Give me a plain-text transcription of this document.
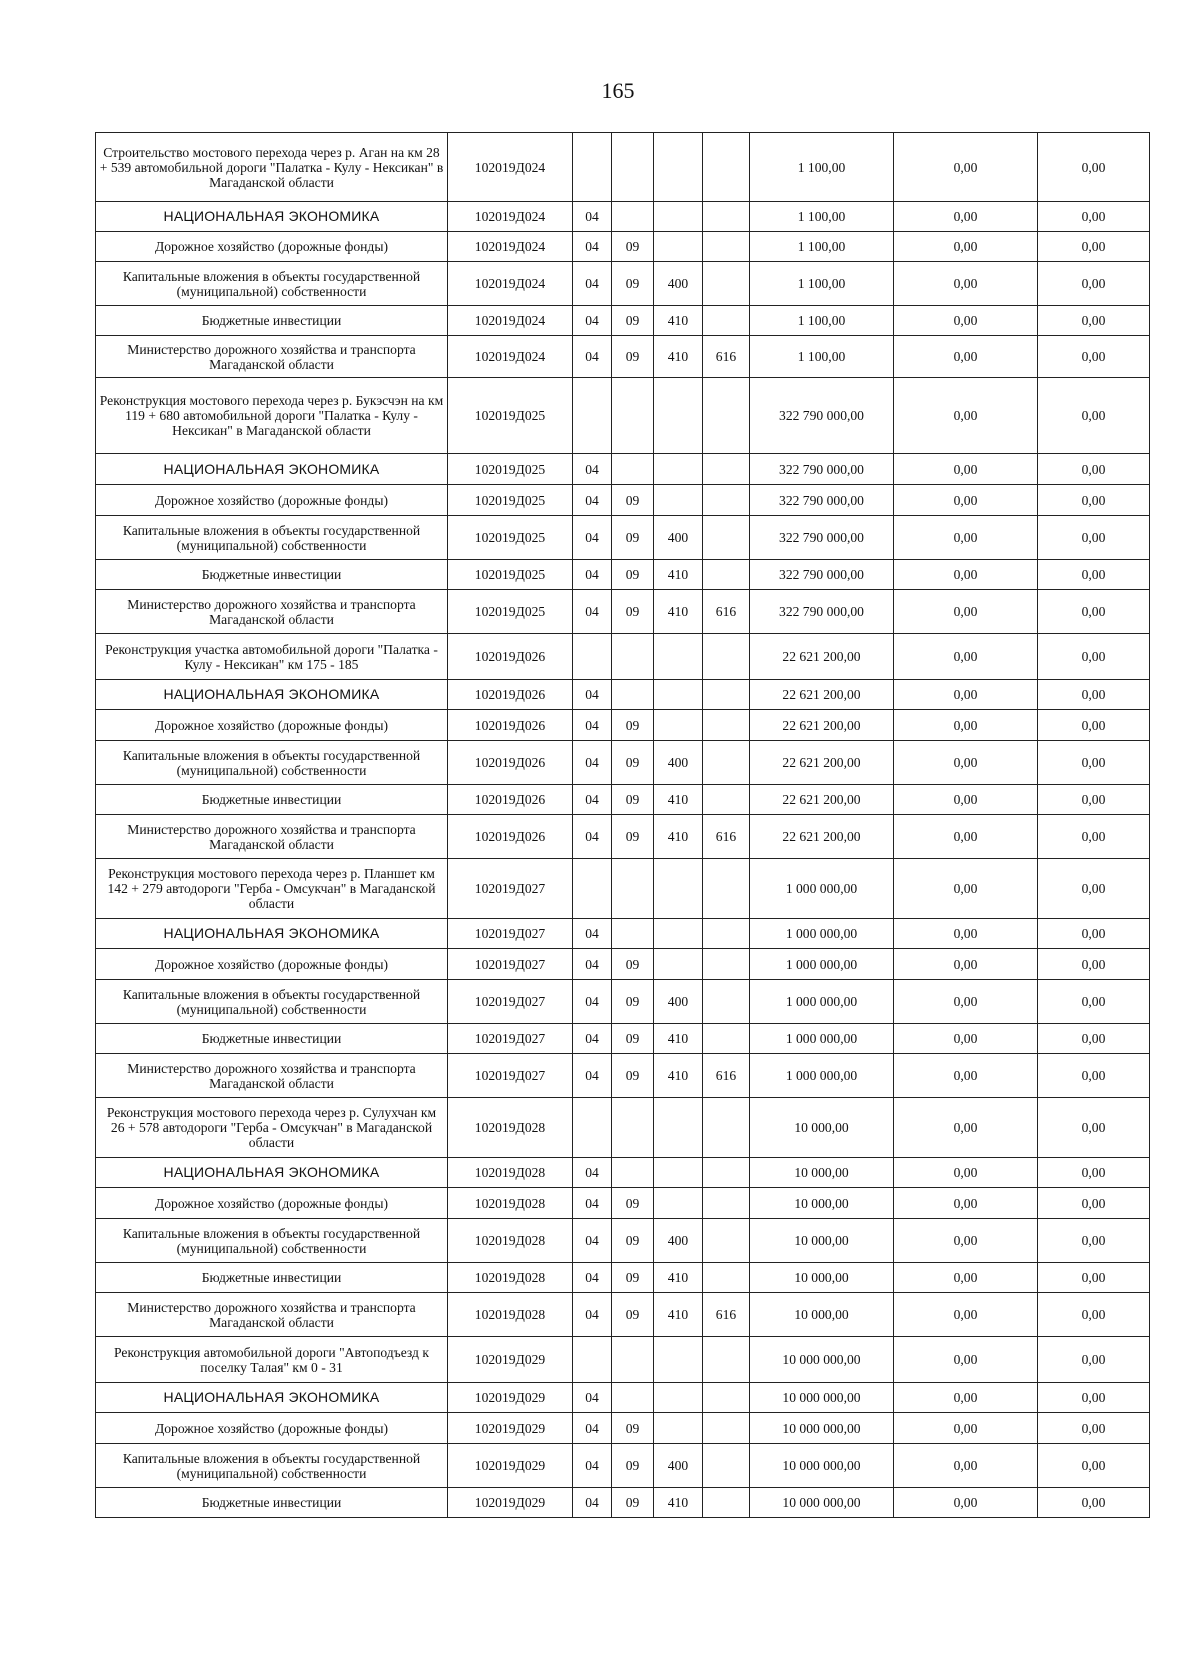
165
Строительство мостового перехода через р. Аган на км 28 + 539 автомобильной дороги "Палатка - Кулу - Нексикан" в Магаданской области	102019Д024					1 100,00	0,00	0,00
НАЦИОНАЛЬНАЯ ЭКОНОМИКА	102019Д024	04				1 100,00	0,00	0,00
Дорожное хозяйство (дорожные фонды)	102019Д024	04	09			1 100,00	0,00	0,00
Капитальные вложения в объекты государственной (муниципальной) собственности	102019Д024	04	09	400		1 100,00	0,00	0,00
Бюджетные инвестиции	102019Д024	04	09	410		1 100,00	0,00	0,00
Министерство дорожного хозяйства и транспорта Магаданской области	102019Д024	04	09	410	616	1 100,00	0,00	0,00
Реконструкция мостового перехода через р. Букэсчэн на км 119 + 680 автомобильной дороги "Палатка - Кулу - Нексикан" в Магаданской области	102019Д025					322 790 000,00	0,00	0,00
НАЦИОНАЛЬНАЯ ЭКОНОМИКА	102019Д025	04				322 790 000,00	0,00	0,00
Дорожное хозяйство (дорожные фонды)	102019Д025	04	09			322 790 000,00	0,00	0,00
Капитальные вложения в объекты государственной (муниципальной) собственности	102019Д025	04	09	400		322 790 000,00	0,00	0,00
Бюджетные инвестиции	102019Д025	04	09	410		322 790 000,00	0,00	0,00
Министерство дорожного хозяйства и транспорта Магаданской области	102019Д025	04	09	410	616	322 790 000,00	0,00	0,00
Реконструкция участка автомобильной дороги "Палатка - Кулу - Нексикан" км 175 - 185	102019Д026					22 621 200,00	0,00	0,00
НАЦИОНАЛЬНАЯ ЭКОНОМИКА	102019Д026	04				22 621 200,00	0,00	0,00
Дорожное хозяйство (дорожные фонды)	102019Д026	04	09			22 621 200,00	0,00	0,00
Капитальные вложения в объекты государственной (муниципальной) собственности	102019Д026	04	09	400		22 621 200,00	0,00	0,00
Бюджетные инвестиции	102019Д026	04	09	410		22 621 200,00	0,00	0,00
Министерство дорожного хозяйства и транспорта Магаданской области	102019Д026	04	09	410	616	22 621 200,00	0,00	0,00
Реконструкция мостового перехода через р. Планшет км 142 + 279 автодороги "Герба - Омсукчан" в Магаданской области	102019Д027					1 000 000,00	0,00	0,00
НАЦИОНАЛЬНАЯ ЭКОНОМИКА	102019Д027	04				1 000 000,00	0,00	0,00
Дорожное хозяйство (дорожные фонды)	102019Д027	04	09			1 000 000,00	0,00	0,00
Капитальные вложения в объекты государственной (муниципальной) собственности	102019Д027	04	09	400		1 000 000,00	0,00	0,00
Бюджетные инвестиции	102019Д027	04	09	410		1 000 000,00	0,00	0,00
Министерство дорожного хозяйства и транспорта Магаданской области	102019Д027	04	09	410	616	1 000 000,00	0,00	0,00
Реконструкция мостового перехода через р. Сулухчан км 26 + 578 автодороги "Герба - Омсукчан" в Магаданской области	102019Д028					10 000,00	0,00	0,00
НАЦИОНАЛЬНАЯ ЭКОНОМИКА	102019Д028	04				10 000,00	0,00	0,00
Дорожное хозяйство (дорожные фонды)	102019Д028	04	09			10 000,00	0,00	0,00
Капитальные вложения в объекты государственной (муниципальной) собственности	102019Д028	04	09	400		10 000,00	0,00	0,00
Бюджетные инвестиции	102019Д028	04	09	410		10 000,00	0,00	0,00
Министерство дорожного хозяйства и транспорта Магаданской области	102019Д028	04	09	410	616	10 000,00	0,00	0,00
Реконструкция автомобильной дороги "Автоподъезд к поселку Талая" км 0 - 31	102019Д029					10 000 000,00	0,00	0,00
НАЦИОНАЛЬНАЯ ЭКОНОМИКА	102019Д029	04				10 000 000,00	0,00	0,00
Дорожное хозяйство (дорожные фонды)	102019Д029	04	09			10 000 000,00	0,00	0,00
Капитальные вложения в объекты государственной (муниципальной) собственности	102019Д029	04	09	400		10 000 000,00	0,00	0,00
Бюджетные инвестиции	102019Д029	04	09	410		10 000 000,00	0,00	0,00
